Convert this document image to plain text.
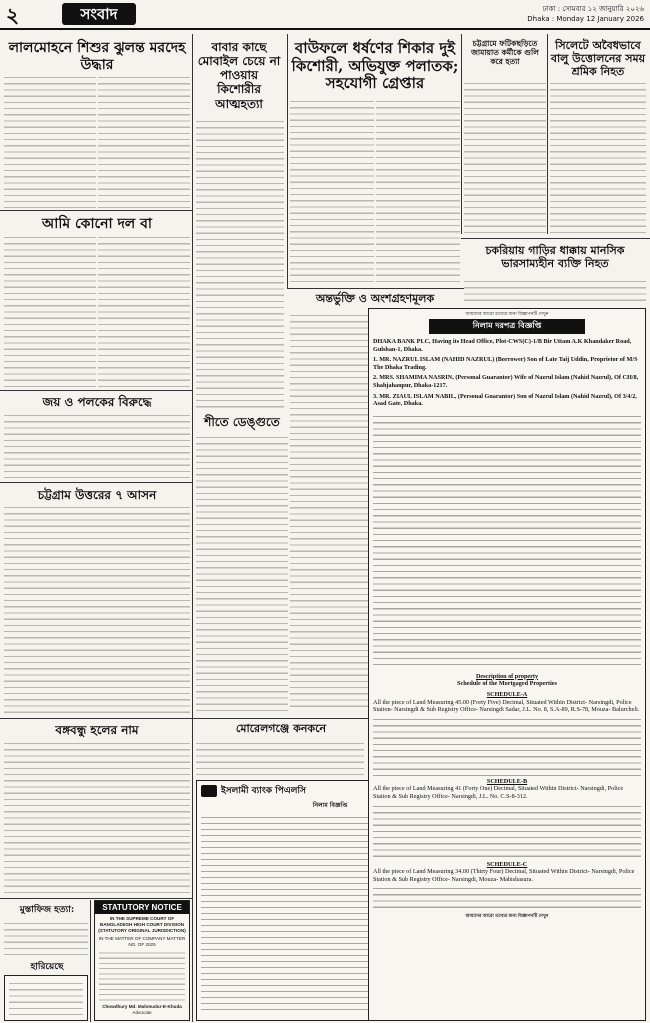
২	সংবাদ	ঢাকা : সোমবার ১২ জানুয়ারি ২০২৬
Dhaka : Monday 12 January 2026
লালমোহনে শিশুর ঝুলন্ত মরদেহ উদ্ধার
বাবার কাছে মোবাইল চেয়ে না পাওয়ায় কিশোরীর আত্মহত্যা
বাউফলে ধর্ষণের শিকার দুই কিশোরী, অভিযুক্ত পলাতক; সহযোগী গ্রেপ্তার
চট্টগ্রামে ফটিকছড়িতে জামায়াত কর্মীকে গুলি করে হত্যা
সিলেটে অবৈধভাবে বালু উত্তোলনের সময় শ্রমিক নিহত
আমি কোনো দল বা
জয় ও পলকের বিরুদ্ধে
চট্টগ্রাম উত্তরের ৭ আসন
শীতে ডেঙ্গুতে
অন্তর্ভুক্তি ও অংশগ্রহণমূলক
চকরিয়ায় গাড়ির ধাক্কায় মানসিক ভারসাম্যহীন ব্যক্তি নিহত
বঙ্গবন্ধু হলের নাম	মোরেলগঞ্জে কনকনে
মুস্তাফিজ হত্যা:
হারিয়েছে
STATUTORY NOTICE
IN THE SUPREME COURT OF BANGLADESH HIGH COURT DIVISION (STATUTORY ORIGINAL JURISDICTION)
IN THE MATTER OF COMPANY MATTER NO. OF 2025
Chowdhury Md. Mahmudur-E-Khuda
Advocate
ইসলামী ব্যাংক পিএলসি
নিলাম বিজ্ঞপ্তি
আমাদের আরো তথ্যের জন্য বিজ্ঞাপনটি দেখুন
নিলাম দরপত্র বিজ্ঞপ্তি

DHAKA BANK PLC, Having its Head Office, Plot-CWS(C)-1/B Bir Uttam A.K Khandaker Road, Gulshan-1, Dhaka.

1. MR. NAZRUL ISLAM (NAHID NAZRUL) (Borrower) Son of Late Taij Uddin, Proprietor of M/S The Dhaka Trading.

2. MRS. SHAMIMA NASRIN, (Personal Guarantor) Wife of Nazrul Islam (Nahid Nazrul), Of CH/8, Shahjahanpur, Dhaka-1217.

3. MR. ZIAUL ISLAM NABIL, (Personal Guarantor) Son of Nazrul Islam (Nahid Nazrul), Of 3/4/2, Asad Gate, Dhaka.

Description of property

Schedule of the Mortgaged Properties

SCHEDULE-A

All the piece of Land Measuring 45.00 (Forty Five) Decimal, Situated Within District- Narsingdi, Police Station- Narsingdi & Sub Registry Office- Narsingdi Sadar, J.L. No. 8, S.A-89, R.S-78, Mouza- Balurcheli.

SCHEDULE-B

All the piece of Land Measuring 41 (Forty One) Decimal, Situated Within District- Narsingdi, Police Station & Sub Registry Office- Narsingdi, J.L. No. C.S-8-312.

SCHEDULE-C

All the piece of Land Measuring 34.00 (Thirty Four) Decimal, Situated Within District- Narsingdi, Police Station & Sub Registry Office- Narsingdi, Mouza- Mahishasura.

আমাদের আরো তথ্যের জন্য বিজ্ঞাপনটি দেখুন
